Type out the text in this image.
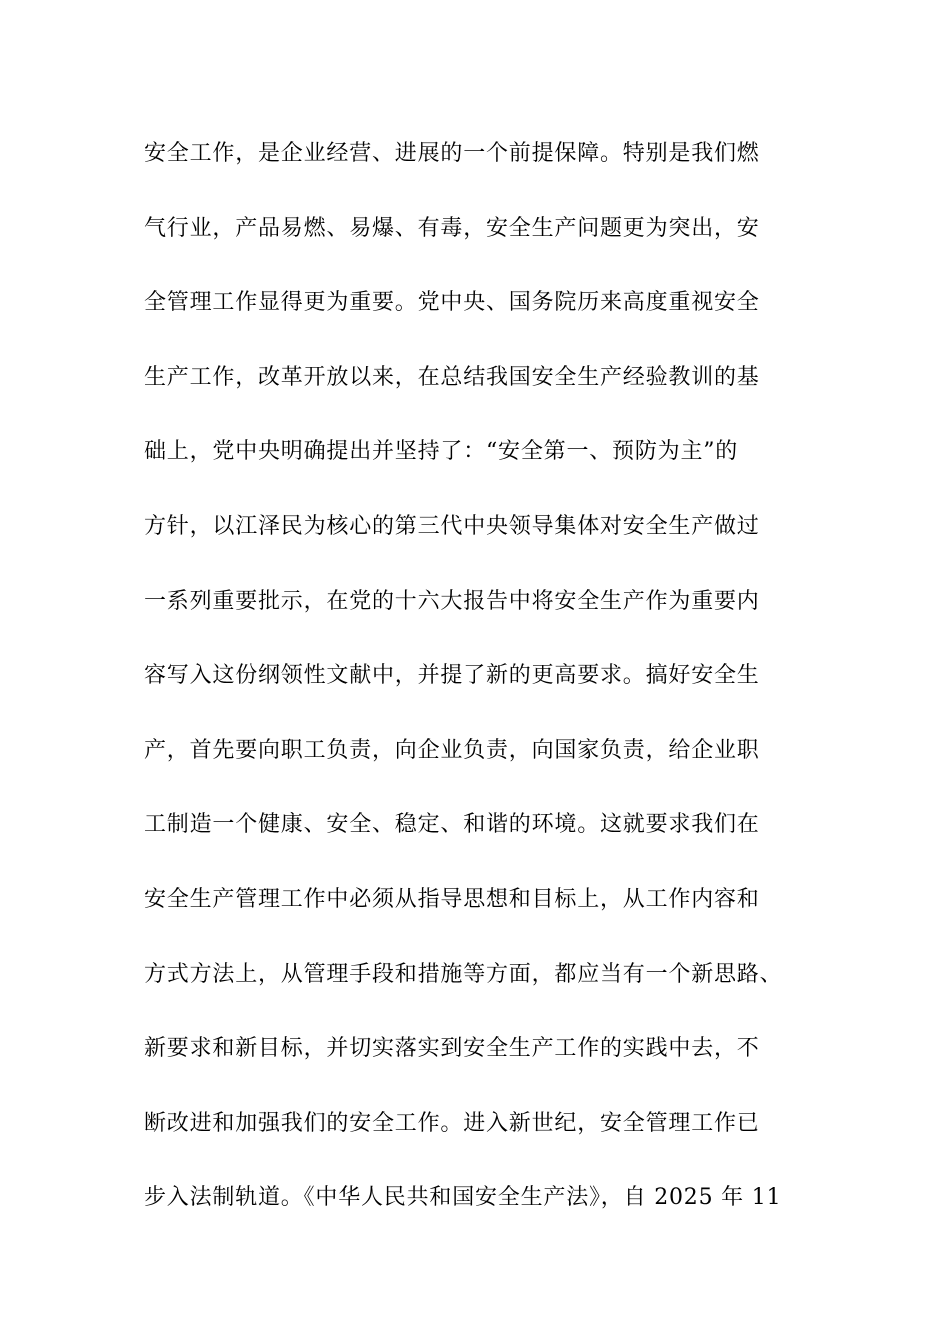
安全工作，是企业经营、进展的一个前提保障。特别是我们燃
气行业，产品易燃、易爆、有毒，安全生产问题更为突出，安
全管理工作显得更为重要。党中央、国务院历来高度重视安全
生产工作，改革开放以来，在总结我国安全生产经验教训的基
础上，党中央明确提出并坚持了：“安全第一、预防为主”的
方针，以江泽民为核心的第三代中央领导集体对安全生产做过
一系列重要批示，在党的十六大报告中将安全生产作为重要内
容写入这份纲领性文献中，并提了新的更高要求。搞好安全生
产，首先要向职工负责，向企业负责，向国家负责，给企业职
工制造一个健康、安全、稳定、和谐的环境。这就要求我们在
安全生产管理工作中必须从指导思想和目标上，从工作内容和
方式方法上，从管理手段和措施等方面，都应当有一个新思路、
新要求和新目标，并切实落实到安全生产工作的实践中去，不
断改进和加强我们的安全工作。进入新世纪，安全管理工作已
步入法制轨道。《中华人民共和国安全生产法》，自 2025 年 11
